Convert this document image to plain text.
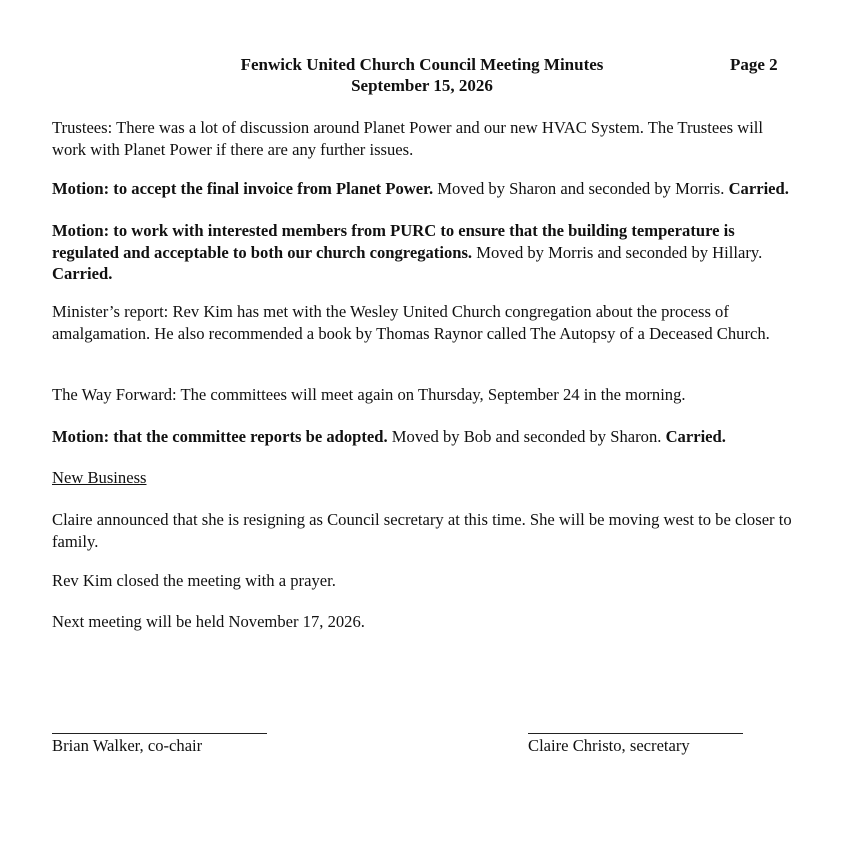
Fenwick United Church Council Meeting Minutes	Page 2
September 15, 2026
Trustees: There was a lot of discussion around Planet Power and our new HVAC System. The Trustees will work with Planet Power if there are any further issues.
Motion: to accept the final invoice from Planet Power. Moved by Sharon and seconded by Morris. Carried.
Motion: to work with interested members from PURC to ensure that the building temperature is regulated and acceptable to both our church congregations. Moved by Morris and seconded by Hillary. Carried.
Minister’s report: Rev Kim has met with the Wesley United Church congregation about the process of amalgamation. He also recommended a book by Thomas Raynor called The Autopsy of a Deceased Church.
The Way Forward: The committees will meet again on Thursday, September 24 in the morning.
Motion: that the committee reports be adopted. Moved by Bob and seconded by Sharon. Carried.
New Business
Claire announced that she is resigning as Council secretary at this time. She will be moving west to be closer to family.
Rev Kim closed the meeting with a prayer.
Next meeting will be held November 17, 2026.
Brian Walker, co-chair	Claire Christo, secretary
